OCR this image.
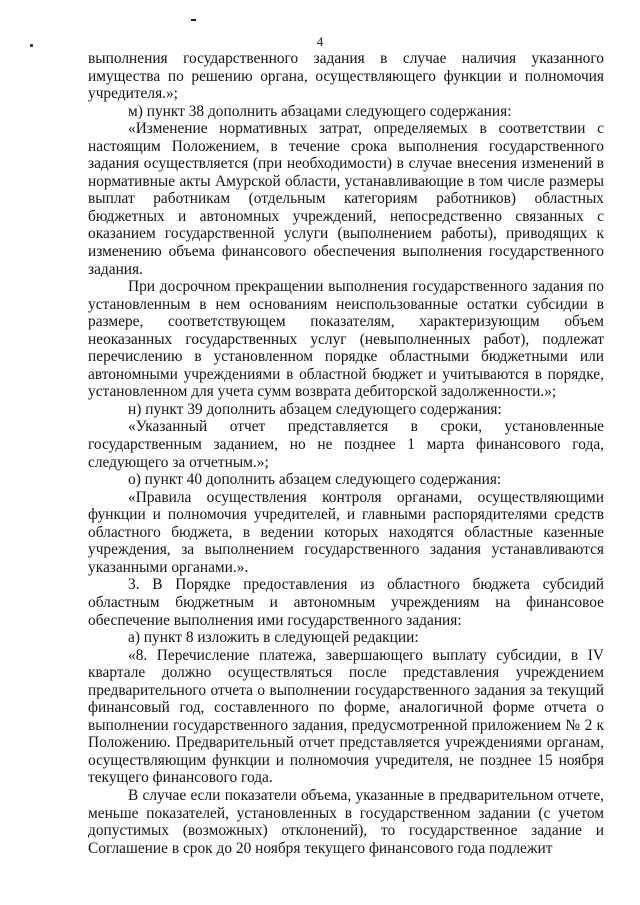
4

выполнения государственного задания в случае наличия указанного имущества по решению органа, осуществляющего функции и полномочия учредителя.»;

м) пункт 38 дополнить абзацами следующего содержания:

«Изменение нормативных затрат, определяемых в соответствии с настоящим Положением, в течение срока выполнения государственного задания осуществляется (при необходимости) в случае внесения изменений в нормативные акты Амурской области, устанавливающие в том числе размеры выплат работникам (отдельным категориям работников) областных бюджетных и автономных учреждений, непосредственно связанных с оказанием государственной услуги (выполнением работы), приводящих к изменению объема финансового обеспечения выполнения государственного задания.

При досрочном прекращении выполнения государственного задания по установленным в нем основаниям неиспользованные остатки субсидии в размере, соответствующем показателям, характеризующим объем неоказанных государственных услуг (невыполненных работ), подлежат перечислению в установленном порядке областными бюджетными или автономными учреждениями в областной бюджет и учитываются в порядке, установленном для учета сумм возврата дебиторской задолженности.»;

н) пункт 39 дополнить абзацем следующего содержания:

«Указанный отчет представляется в сроки, установленные государственным заданием, но не позднее 1 марта финансового года, следующего за отчетным.»;

о) пункт 40 дополнить абзацем следующего содержания:

«Правила осуществления контроля органами, осуществляющими функции и полномочия учредителей, и главными распорядителями средств областного бюджета, в ведении которых находятся областные казенные учреждения, за выполнением государственного задания устанавливаются указанными органами.».

3. В Порядке предоставления из областного бюджета субсидий областным бюджетным и автономным учреждениям на финансовое обеспечение выполнения ими государственного задания:

а) пункт 8 изложить в следующей редакции:

«8. Перечисление платежа, завершающего выплату субсидии, в IV квартале должно осуществляться после представления учреждением предварительного отчета о выполнении государственного задания за текущий финансовый год, составленного по форме, аналогичной форме отчета о выполнении государственного задания, предусмотренной приложением № 2 к Положению. Предварительный отчет представляется учреждениями органам, осуществляющим функции и полномочия учредителя, не позднее 15 ноября текущего финансового года.

В случае если показатели объема, указанные в предварительном отчете, меньше показателей, установленных в государственном задании (с учетом допустимых (возможных) отклонений), то государственное задание и Соглашение в срок до 20 ноября текущего финансового года подлежит
